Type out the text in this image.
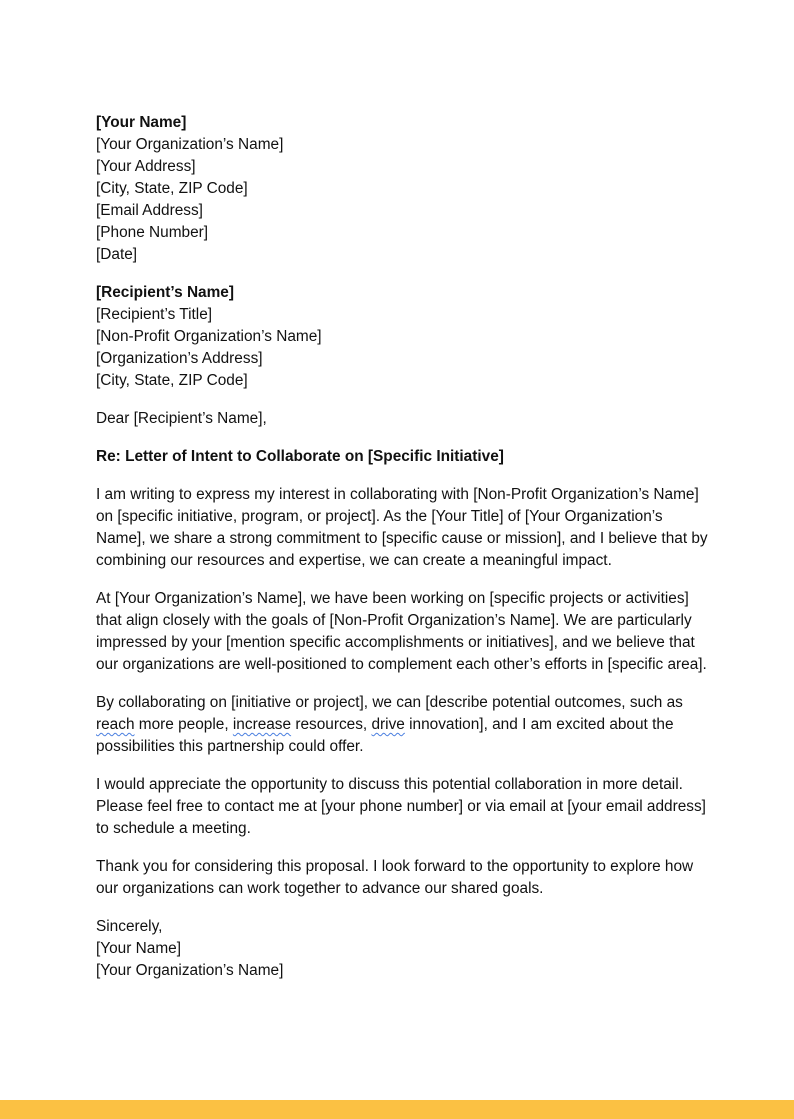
[Your Name]
[Your Organization’s Name]
[Your Address]
[City, State, ZIP Code]
[Email Address]
[Phone Number]
[Date]
[Recipient’s Name]
[Recipient’s Title]
[Non-Profit Organization’s Name]
[Organization’s Address]
[City, State, ZIP Code]
Dear [Recipient’s Name],
Re: Letter of Intent to Collaborate on [Specific Initiative]

I am writing to express my interest in collaborating with [Non-Profit Organization’s Name] on [specific initiative, program, or project]. As the [Your Title] of [Your Organization’s Name], we share a strong commitment to [specific cause or mission], and I believe that by combining our resources and expertise, we can create a meaningful impact.

At [Your Organization’s Name], we have been working on [specific projects or activities] that align closely with the goals of [Non-Profit Organization’s Name]. We are particularly impressed by your [mention specific accomplishments or initiatives], and we believe that our organizations are well-positioned to complement each other’s efforts in [specific area].

By collaborating on [initiative or project], we can [describe potential outcomes, such as reach more people, increase resources, drive innovation], and I am excited about the possibilities this partnership could offer.

I would appreciate the opportunity to discuss this potential collaboration in more detail. Please feel free to contact me at [your phone number] or via email at [your email address] to schedule a meeting.

Thank you for considering this proposal. I look forward to the opportunity to explore how our organizations can work together to advance our shared goals.

Sincerely,
[Your Name]
[Your Organization’s Name]
